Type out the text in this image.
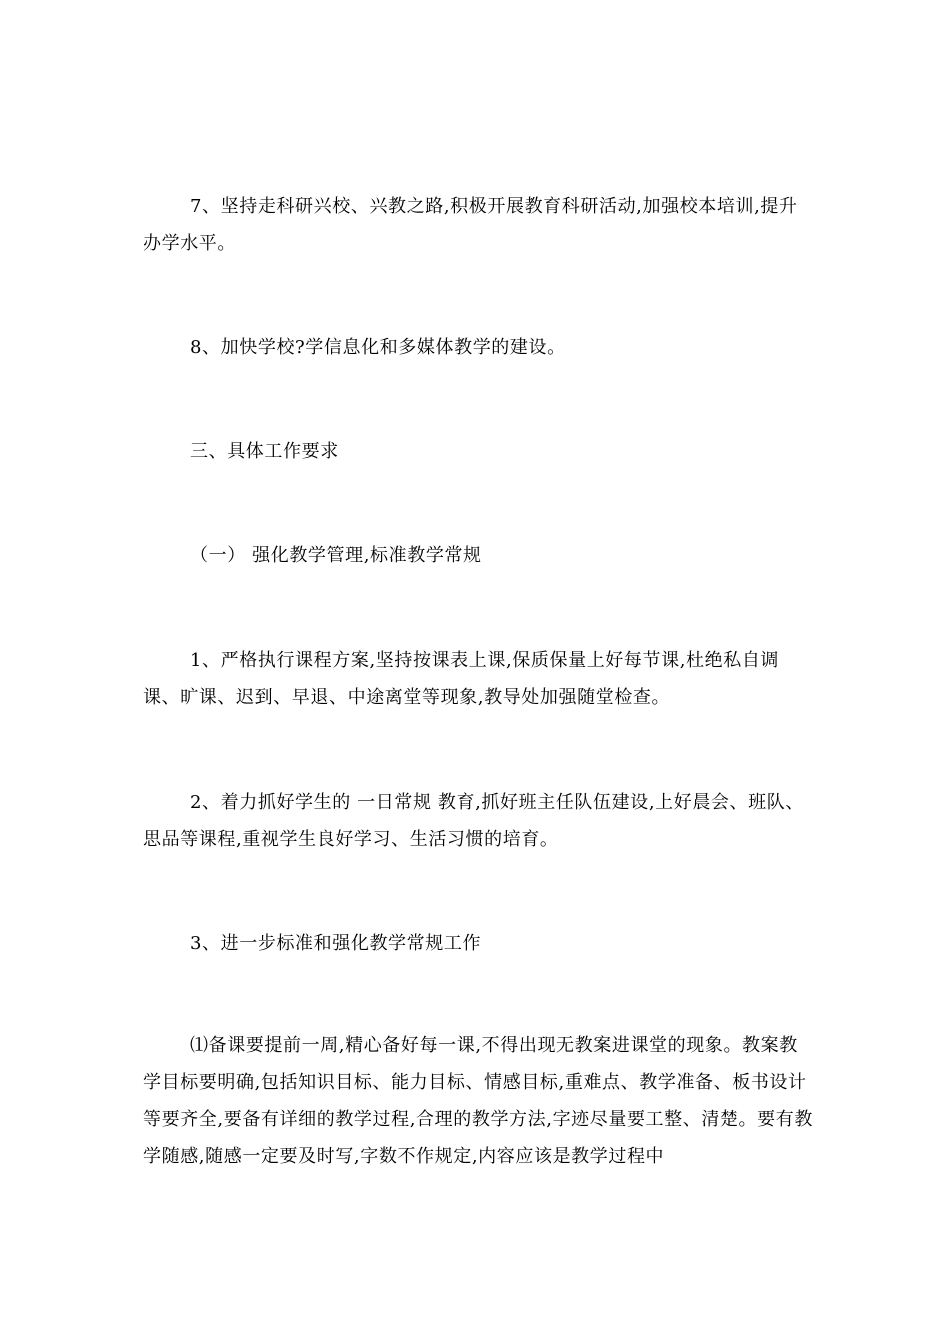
7、坚持走科研兴校、兴教之路,积极开展教育科研活动,加强校本培训,提升办学水平。

8、加快学校?学信息化和多媒体教学的建设。

三、具体工作要求

（一） 强化教学管理,标准教学常规

1、严格执行课程方案,坚持按课表上课,保质保量上好每节课,杜绝私自调课、旷课、迟到、早退、中途离堂等现象,教导处加强随堂检查。

2、着力抓好学生的 一日常规 教育,抓好班主任队伍建设,上好晨会、班队、思品等课程,重视学生良好学习、生活习惯的培育。

3、进一步标准和强化教学常规工作

⑴备课要提前一周,精心备好每一课,不得出现无教案进课堂的现象。教案教学目标要明确,包括知识目标、能力目标、情感目标,重难点、教学准备、板书设计等要齐全,要备有详细的教学过程,合理的教学方法,字迹尽量要工整、清楚。要有教学随感,随感一定要及时写,字数不作规定,内容应该是教学过程中
